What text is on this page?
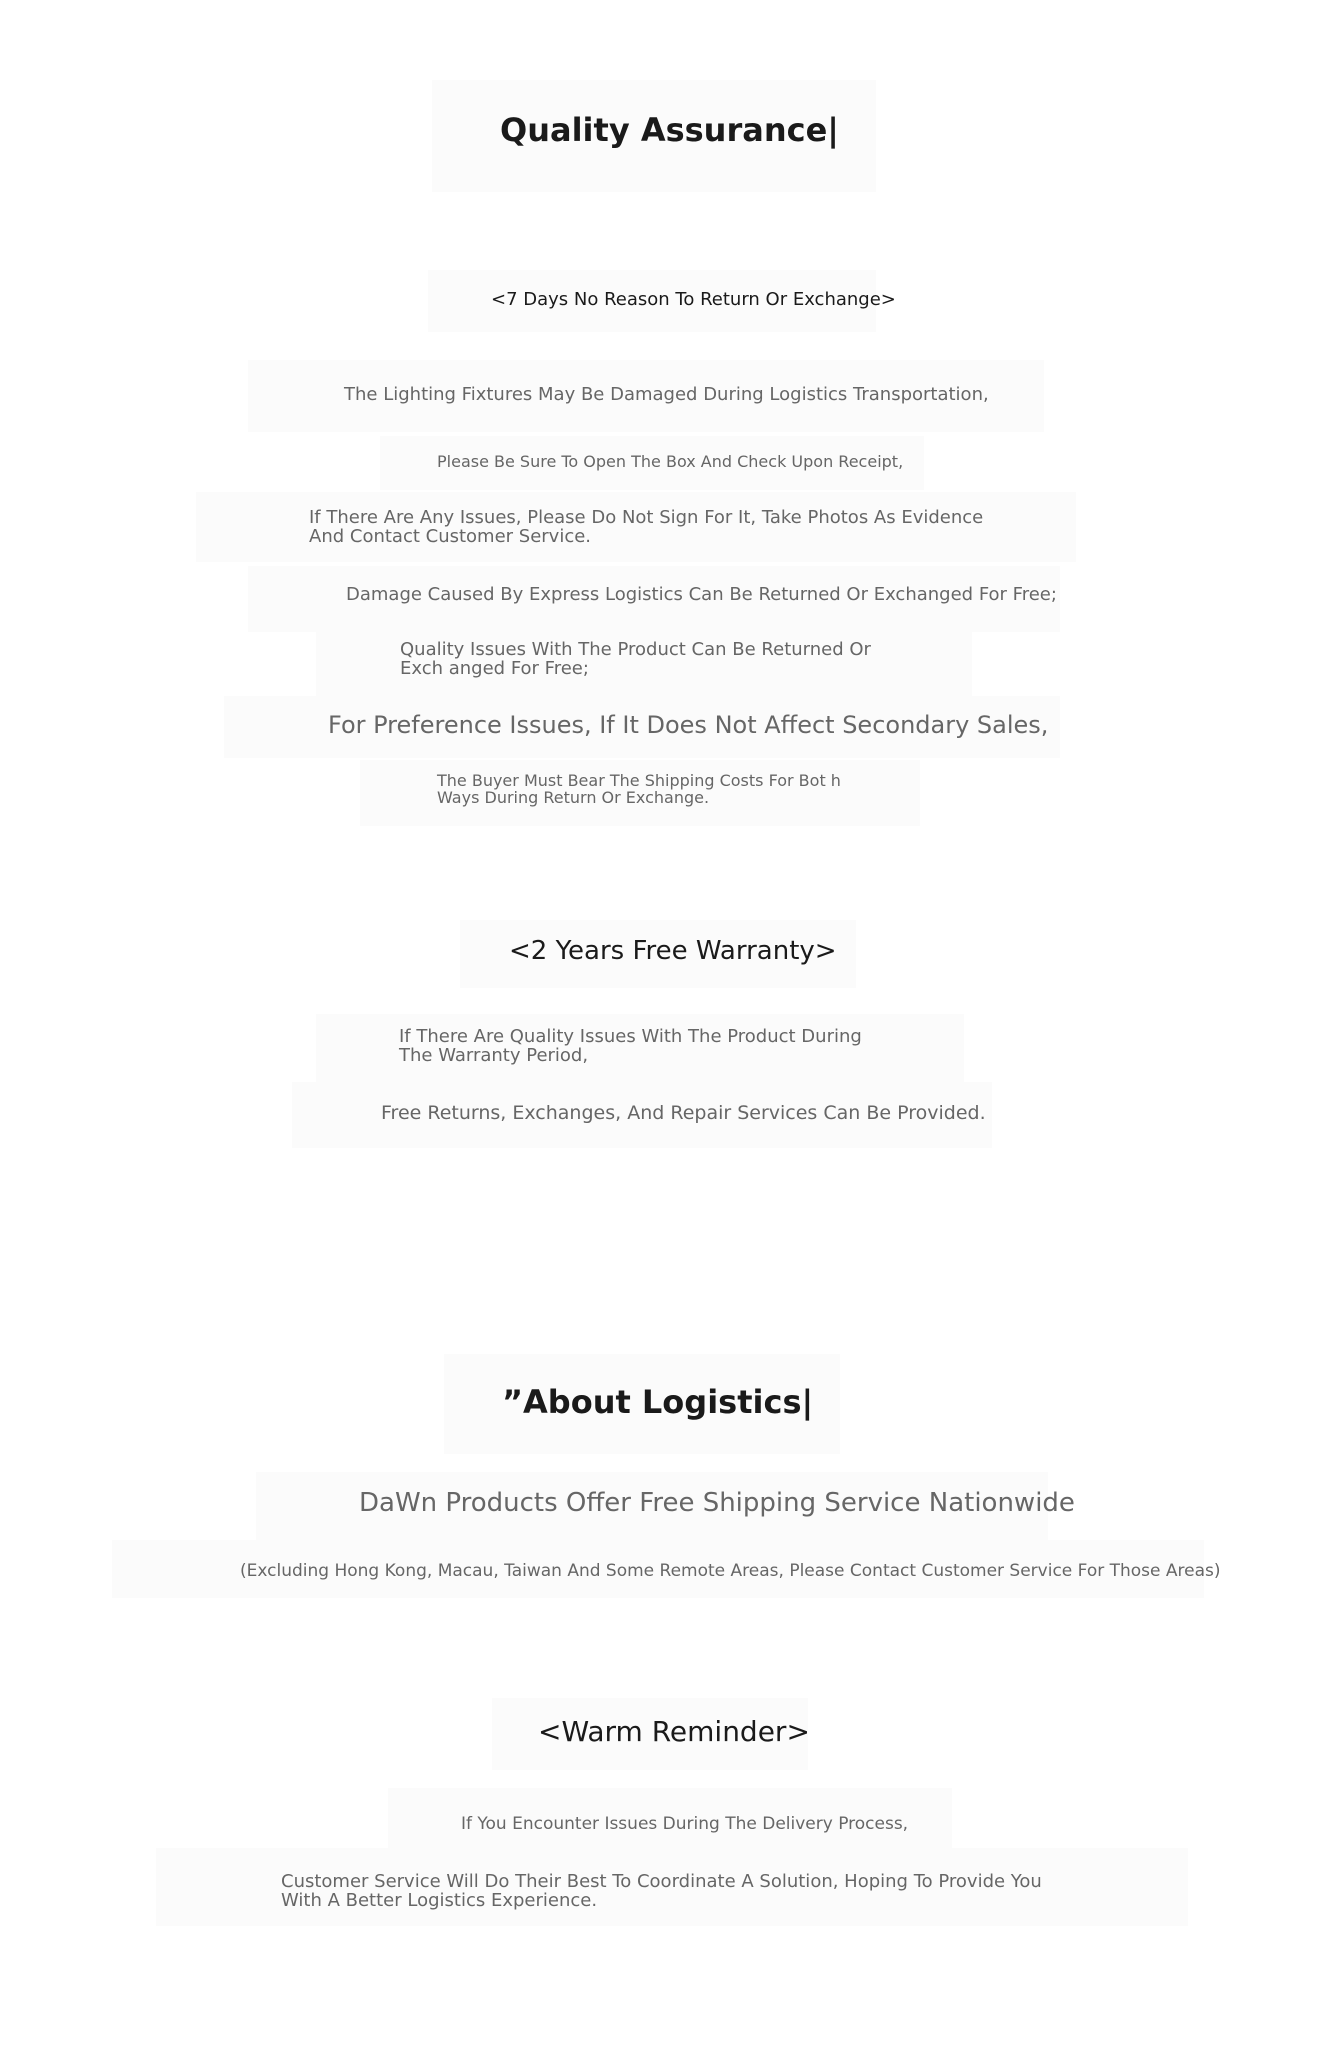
Quality Assurance|
<7 Days No Reason To Return Or Exchange>
The Lighting Fixtures May Be Damaged During Logistics Transportation,
Please Be Sure To Open The Box And Check Upon Receipt,
If There Are Any Issues, Please Do Not Sign For It, Take Photos As Evidence And Contact Customer Service.
Damage Caused By Express Logistics Can Be Returned Or Exchanged For Free;
Quality Issues With The Product Can Be Returned Or Exch anged For Free;
For Preference Issues, If It Does Not Affect Secondary Sales,
The Buyer Must Bear The Shipping Costs For Bot h Ways During Return Or Exchange.
<2 Years Free Warranty>
If There Are Quality Issues With The Product During The Warranty Period,
Free Returns, Exchanges, And Repair Services Can Be Provided.
”About Logistics|
DaWn Products Offer Free Shipping Service Nationwide
(Excluding Hong Kong, Macau, Taiwan And Some Remote Areas, Please Contact Customer Service For Those Areas)
<Warm Reminder>
If You Encounter Issues During The Delivery Process,
Customer Service Will Do Their Best To Coordinate A Solution, Hoping To Provide You With A Better Logistics Experience.
